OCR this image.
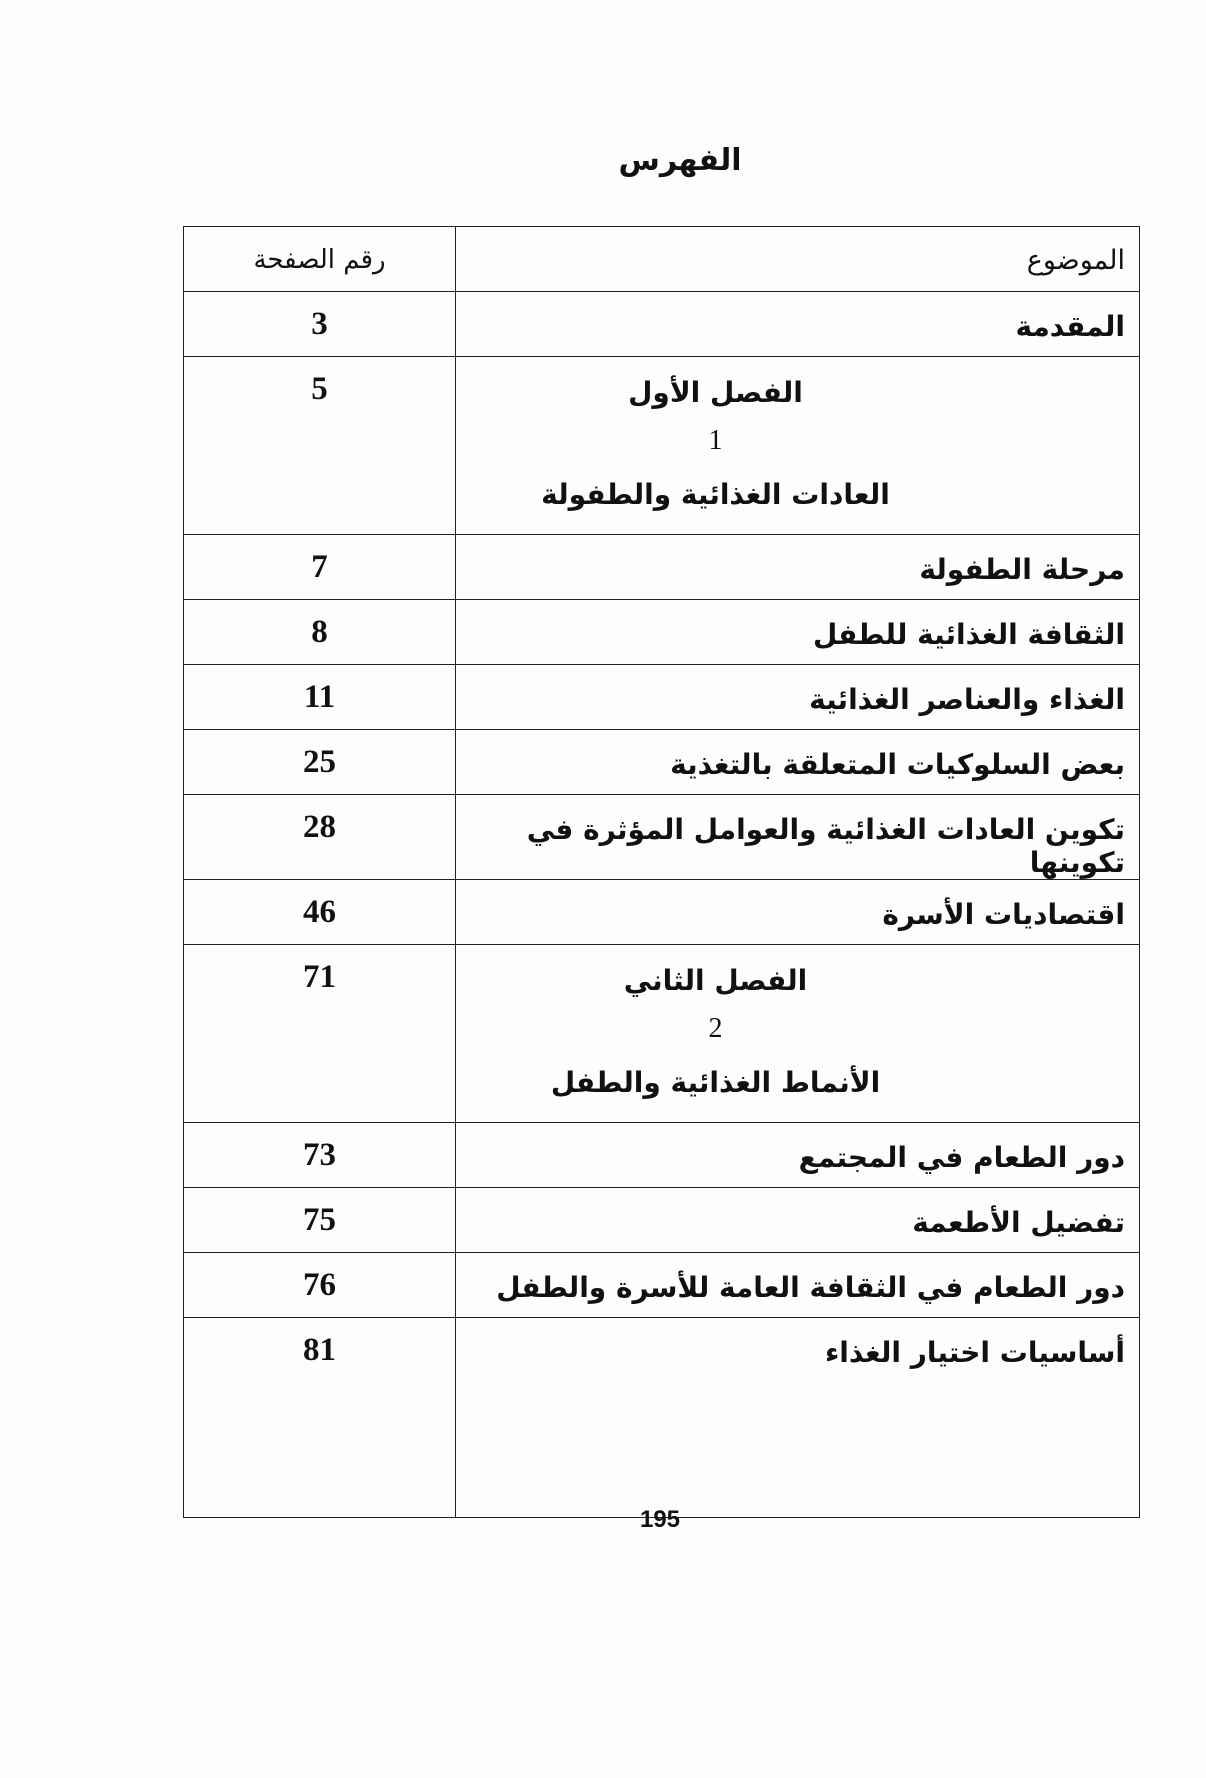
الفهرس
الموضوع	رقم الصفحة
المقدمة	3

الفصل الأول
1
العادات الغذائية والطفولة	5
مرحلة الطفولة	7
الثقافة الغذائية للطفل	8
الغذاء والعناصر الغذائية	11
بعض السلوكيات المتعلقة بالتغذية	25
تكوين العادات الغذائية والعوامل المؤثرة في تكوينها	28
اقتصاديات الأسرة	46

الفصل الثاني
2
الأنماط الغذائية والطفل	71
دور الطعام في المجتمع	73
تفضيل الأطعمة	75
دور الطعام في الثقافة العامة للأسرة والطفل	76
أساسيات اختيار الغذاء	81
195
